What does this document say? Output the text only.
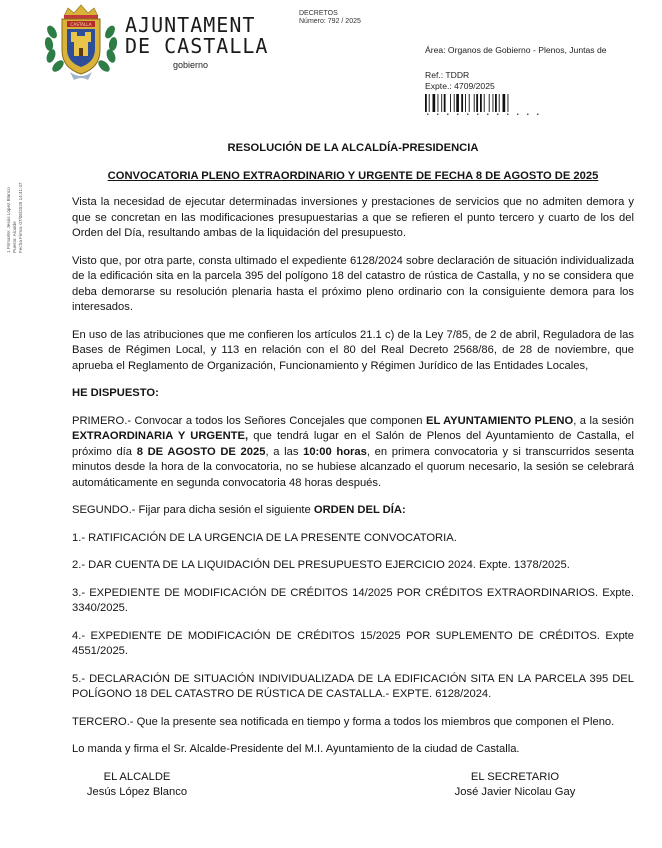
CASTALLA AJUNTAMENT
DE CASTALLA
gobierno
DECRETOS
Número: 792 / 2025
Área: Organos de Gobierno - Plenos, Juntas de
Ref.: TDDR
Expte.: 4709/2025
1 Firmante: Jesús López Blanco Puesto: Alcalde Fecha Firma: 07/08/2025 14:41:47
RESOLUCIÓN DE LA ALCALDÍA-PRESIDENCIA
CONVOCATORIA PLENO EXTRAORDINARIO Y URGENTE DE FECHA 8 DE AGOSTO DE 2025
Vista la necesidad de ejecutar determinadas inversiones y prestaciones de servicios que no admiten demora y que se concretan en las modificaciones presupuestarias a que se refieren el punto tercero y cuarto de los del Orden del Día, resultando ambas de la liquidación del presupuesto.
Visto que, por otra parte, consta ultimado el expediente 6128/2024 sobre declaración de situación individualizada de la edificación sita en la parcela 395 del polígono 18 del catastro de rústica de Castalla, y no se considera que deba demorarse su resolución plenaria hasta el próximo pleno ordinario con la consiguiente demora para los interesados.
En uso de las atribuciones que me confieren los artículos 21.1 c) de la Ley 7/85, de 2 de abril, Reguladora de las Bases de Régimen Local, y 113 en relación con el 80 del Real Decreto 2568/86, de 28 de noviembre, que aprueba el Reglamento de Organización, Funcionamiento y Régimen Jurídico de las Entidades Locales,
HE DISPUESTO:
PRIMERO.- Convocar a todos los Señores Concejales que componen EL AYUNTAMIENTO PLENO, a la sesión EXTRAORDINARIA Y URGENTE, que tendrá lugar en el Salón de Plenos del Ayuntamiento de Castalla, el próximo día 8 DE AGOSTO DE 2025, a las 10:00 horas, en primera convocatoria y si transcurridos sesenta minutos desde la hora de la convocatoria, no se hubiese alcanzado el quorum necesario, la sesión se celebrará automáticamente en segunda convocatoria 48 horas después.
SEGUNDO.- Fijar para dicha sesión el siguiente ORDEN DEL DÍA:
1.- RATIFICACIÓN DE LA URGENCIA DE LA PRESENTE CONVOCATORIA.
2.- DAR CUENTA DE LA LIQUIDACIÓN DEL PRESUPUESTO EJERCICIO 2024. Expte. 1378/2025.
3.- EXPEDIENTE DE MODIFICACIÓN DE CRÉDITOS 14/2025 POR CRÉDITOS EXTRAORDINARIOS. Expte. 3340/2025.
4.- EXPEDIENTE DE MODIFICACIÓN DE CRÉDITOS 15/2025 POR SUPLEMENTO DE CRÉDITOS. Expte 4551/2025.
5.- DECLARACIÓN DE SITUACIÓN INDIVIDUALIZADA DE LA EDIFICACIÓN SITA EN LA PARCELA 395 DEL POLÍGONO 18 DEL CATASTRO DE RÚSTICA DE CASTALLA.- EXPTE. 6128/2024.
TERCERO.- Que la presente sea notificada en tiempo y forma a todos los miembros que componen el Pleno.
Lo manda y firma el Sr. Alcalde-Presidente del M.I. Ayuntamiento de la ciudad de Castalla.
EL ALCALDE
Jesús López Blanco
EL SECRETARIO
José Javier Nicolau Gay
